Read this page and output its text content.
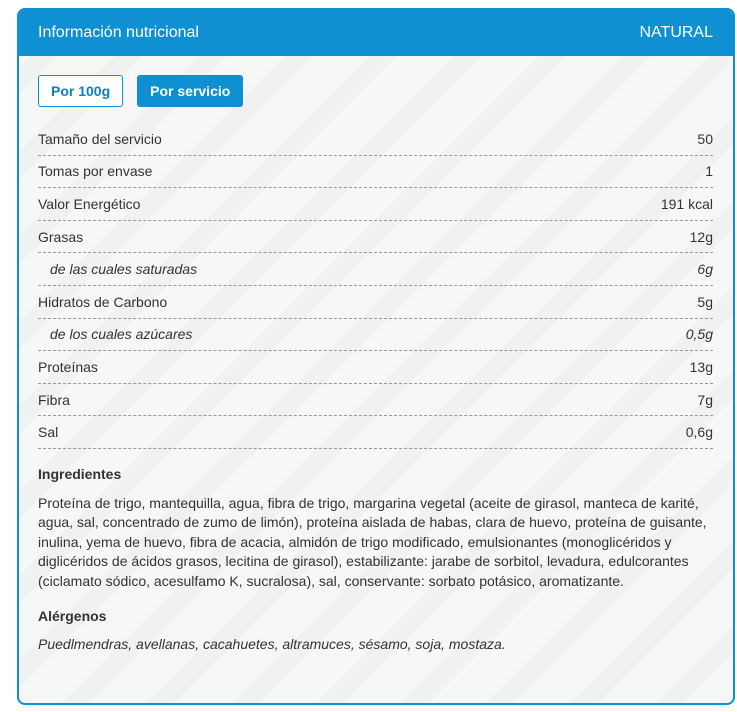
Información nutricional	NATURAL
Por 100g	Por servicio
Tamaño del servicio	50
Tomas por envase	1
Valor Energético	191 kcal
Grasas	12g
de las cuales saturadas	6g
Hidratos de Carbono	5g
de los cuales azúcares	0,5g
Proteínas	13g
Fibra	7g
Sal	0,6g
Ingredientes

Proteína de trigo, mantequilla, agua, fibra de trigo, margarina vegetal (aceite de girasol, manteca de karité, agua, sal, concentrado de zumo de limón), proteína aislada de habas, clara de huevo, proteína de guisante, inulina, yema de huevo, fibra de acacia, almidón de trigo modificado, emulsionantes (monoglicéridos y diglicéridos de ácidos grasos, lecitina de girasol), estabilizante: jarabe de sorbitol, levadura, edulcorantes (ciclamato sódico, acesulfamo K, sucralosa), sal, conservante: sorbato potásico, aromatizante.

Alérgenos

Puedlmendras, avellanas, cacahuetes, altramuces, sésamo, soja, mostaza.
